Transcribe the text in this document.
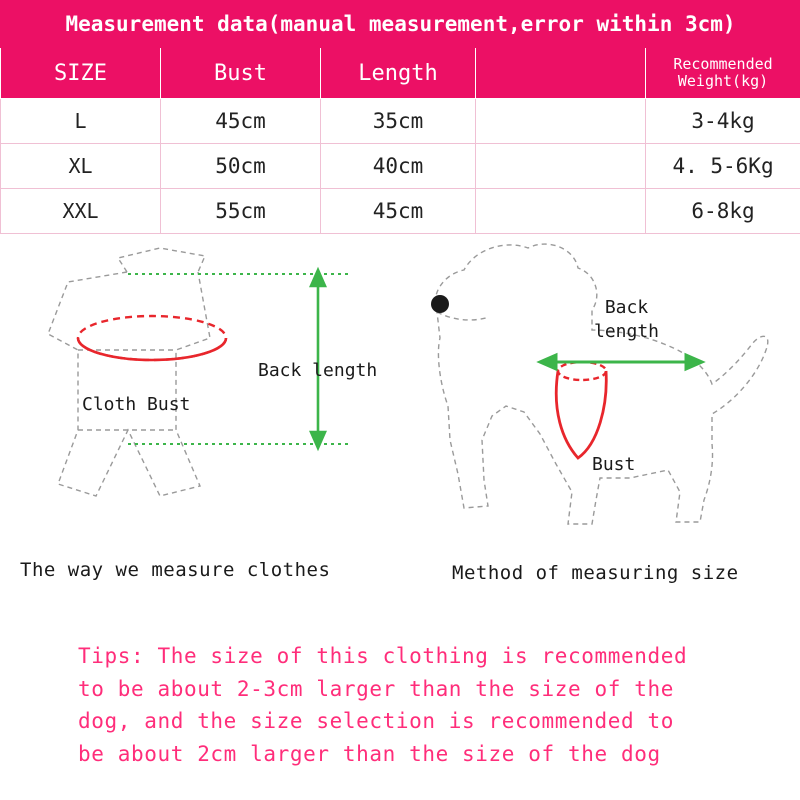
Measurement data(manual measurement,error within 3cm)				
SIZE	Bust	Length		Recommended
Weight(kg)
L	45cm	35cm		3-4kg
XL	50cm	40cm		4. 5-6Kg
XXL	55cm	45cm		6-8kg
Cloth Bust
Back length
Back
length
Bust
The way we measure clothes	Method of measuring size
Tips: The size of this clothing is recommended
to be about 2-3cm larger than the size of the
dog, and the size selection is recommended to
be about 2cm larger than the size of the dog
